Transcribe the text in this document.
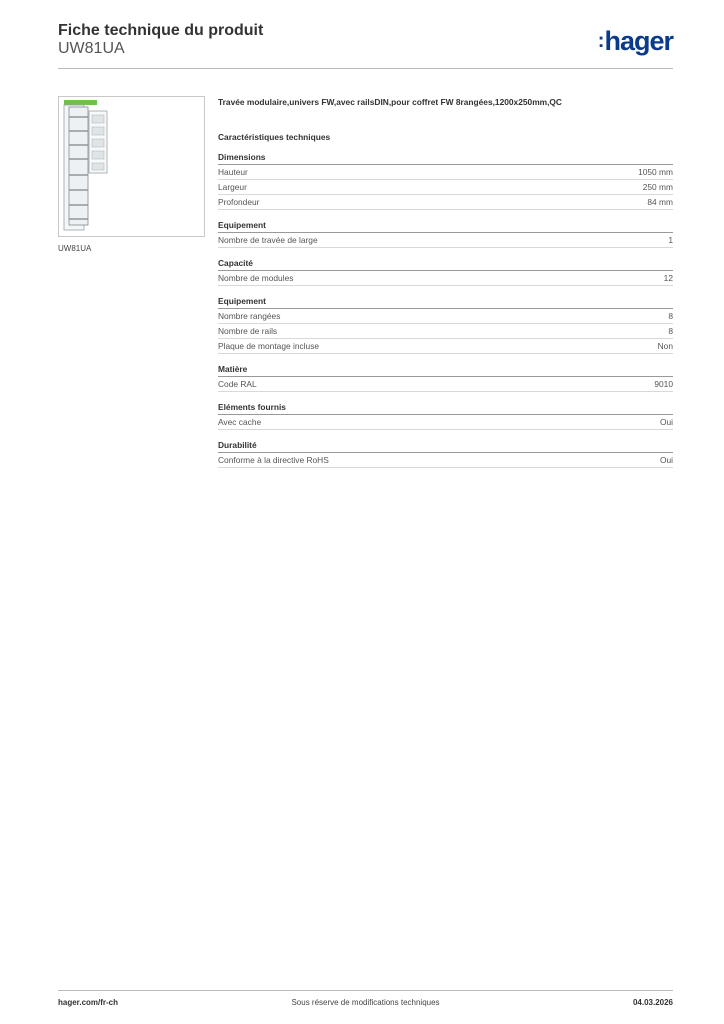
Fiche technique du produit
UW81UA	:hager
UW81UA
Travée modulaire,univers FW,avec railsDIN,pour coffret FW 8rangées,1200x250mm,QC
Caractéristiques techniques
Dimensions
Hauteur	1050 mm
Largeur	250 mm
Profondeur	84 mm
Equipement
Nombre de travée de large	1
Capacité
Nombre de modules	12
Equipement
Nombre rangées	8
Nombre de rails	8
Plaque de montage incluse	Non
Matière
Code RAL	9010
Eléments fournis
Avec cache	Oui
Durabilité
Conforme à la directive RoHS	Oui
hager.com/fr-ch	Sous réserve de modifications techniques	04.03.2026
